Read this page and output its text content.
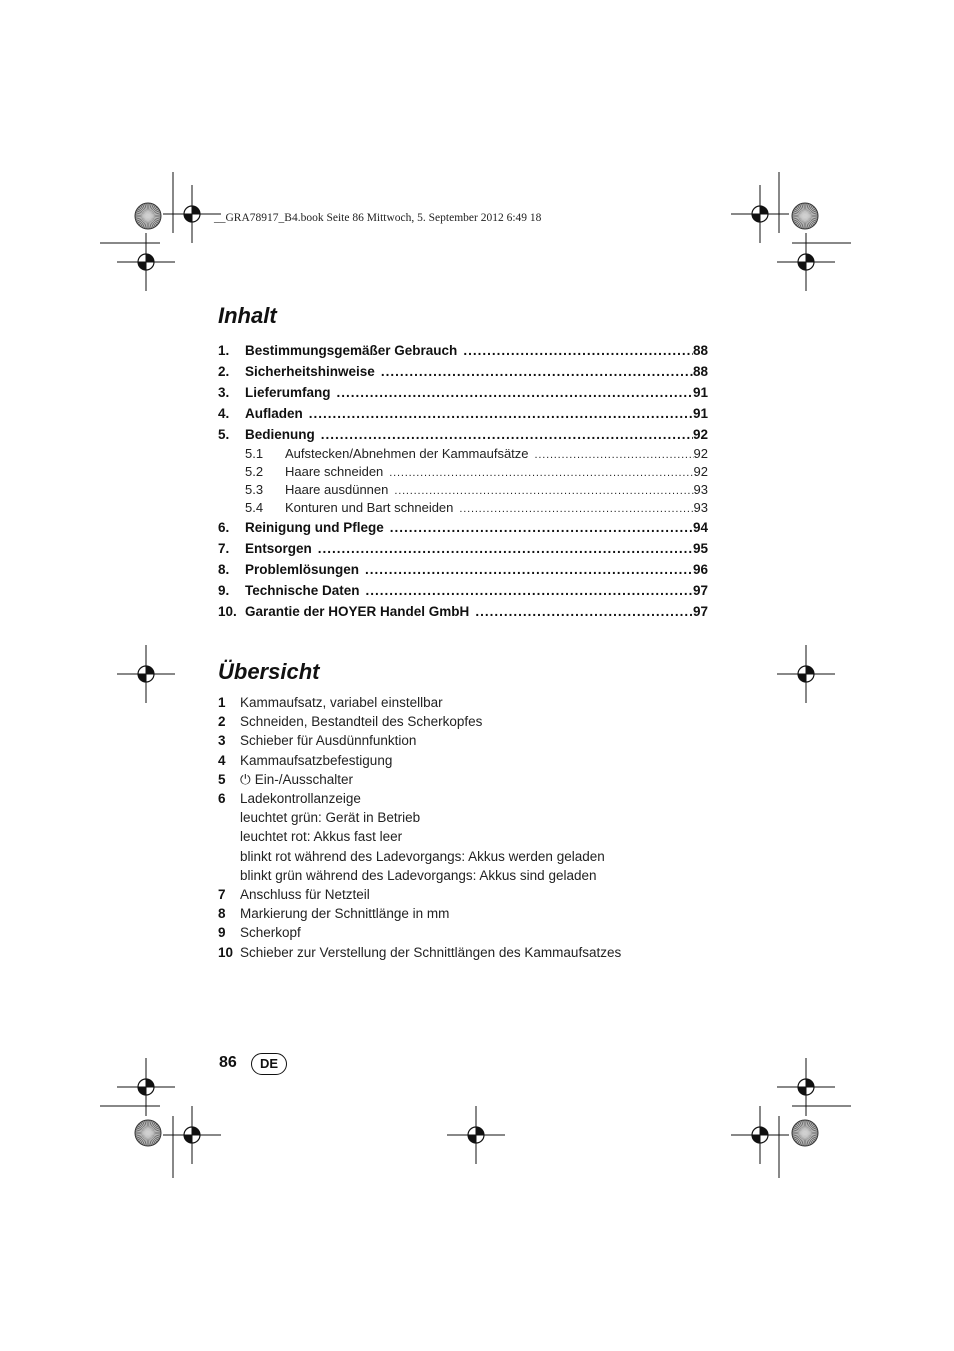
__GRA78917_B4.book Seite 86 Mittwoch, 5. September 2012 6:49 18
Inhalt
1.	Bestimmungsgemäßer Gebrauch .....	88
2.	Sicherheitshinweise .....	88
3.	Lieferumfang .....	91
4.	Aufladen .....	91
5.	Bedienung .....	92
5.1	Aufstecken/Abnehmen der Kammaufsätze .....	92
5.2	Haare schneiden .....	92
5.3	Haare ausdünnen .....	93
5.4	Konturen und Bart schneiden .....	93
6.	Reinigung und Pflege .....	94
7.	Entsorgen .....	95
8.	Problemlösungen .....	96
9.	Technische Daten .....	97
10. Garantie der HOYER Handel GmbH .....	97
Übersicht
1	Kammaufsatz, variabel einstellbar
2	Schneiden, Bestandteil des Scherkopfes
3	Schieber für Ausdünnfunktion
4	Kammaufsatzbefestigung
5	⏻ Ein-/Ausschalter
6	Ladekontrollanzeige
leuchtet grün: Gerät in Betrieb
leuchtet rot: Akkus fast leer
blinkt rot während des Ladevorgangs: Akkus werden geladen
blinkt grün während des Ladevorgangs: Akkus sind geladen
7	Anschluss für Netzteil
8	Markierung der Schnittlänge in mm
9	Scherkopf
10 Schieber zur Verstellung der Schnittlängen des Kammaufsatzes
86	DE
